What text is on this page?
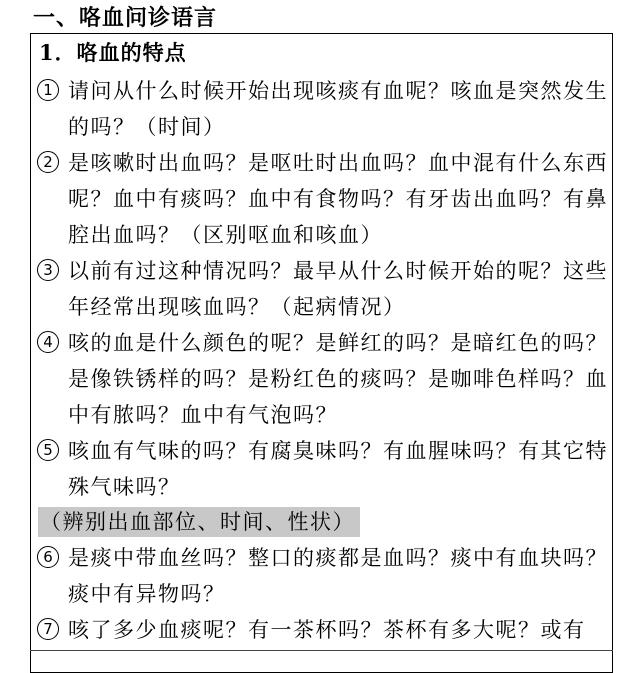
一、咯血问诊语言
1．咯血的特点
1 请问从什么时候开始出现咳痰有血呢？咳血是突然发生的吗？（时间）

2 是咳嗽时出血吗？是呕吐时出血吗？血中混有什么东西呢？血中有痰吗？血中有食物吗？有牙齿出血吗？有鼻腔出血吗？（区别呕血和咳血）

3 以前有过这种情况吗？最早从什么时候开始的呢？这些年经常出现咳血吗？（起病情况）

4 咳的血是什么颜色的呢？是鲜红的吗？是暗红色的吗？是像铁锈样的吗？是粉红色的痰吗？是咖啡色样吗？血中有脓吗？血中有气泡吗？

5 咳血有气味的吗？有腐臭味吗？有血腥味吗？有其它特殊气味吗？

（辨别出血部位、时间、性状）
6 是痰中带血丝吗？整口的痰都是血吗？痰中有血块吗？痰中有异物吗？

7 咳了多少血痰呢？有一茶杯吗？茶杯有多大呢？或有
